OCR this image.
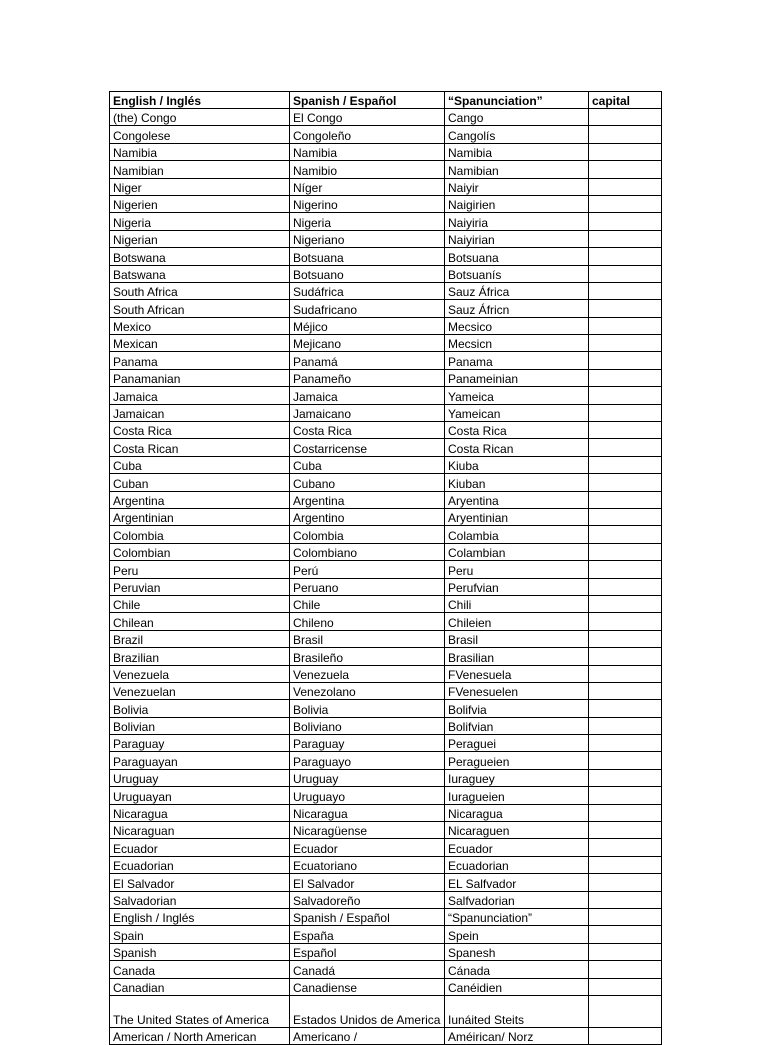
English / Inglés	Spanish / Español	“Spanunciation”	capital
(the) Congo	El Congo	Cango	
Congolese	Congoleño	Cangolís	
Namibia	Namibia	Namibia	
Namibian	Namibio	Namibian	
Niger	Níger	Naiyir	
Nigerien	Nigerino	Naigirien	
Nigeria	Nigeria	Naiyiria	
Nigerian	Nigeriano	Naiyirian	
Botswana	Botsuana	Botsuana	
Batswana	Botsuano	Botsuanís	
South Africa	Sudáfrica	Sauz África	
South African	Sudafricano	Sauz Áfricn	
Mexico	Méjico	Mecsico	
Mexican	Mejicano	Mecsicn	
Panama	Panamá	Panama	
Panamanian	Panameño	Panameinian	
Jamaica	Jamaica	Yameica	
Jamaican	Jamaicano	Yameican	
Costa Rica	Costa Rica	Costa Rica	
Costa Rican	Costarricense	Costa Rican	
Cuba	Cuba	Kiuba	
Cuban	Cubano	Kiuban	
Argentina	Argentina	Aryentina	
Argentinian	Argentino	Aryentinian	
Colombia	Colombia	Colambia	
Colombian	Colombiano	Colambian	
Peru	Perú	Peru	
Peruvian	Peruano	Perufvian	
Chile	Chile	Chili	
Chilean	Chileno	Chileien	
Brazil	Brasil	Brasil	
Brazilian	Brasileño	Brasilian	
Venezuela	Venezuela	FVenesuela	
Venezuelan	Venezolano	FVenesuelen	
Bolivia	Bolivia	Bolifvia	
Bolivian	Boliviano	Bolifvian	
Paraguay	Paraguay	Peraguei	
Paraguayan	Paraguayo	Peragueien	
Uruguay	Uruguay	Iuraguey	
Uruguayan	Uruguayo	Iuragueien	
Nicaragua	Nicaragua	Nicaragua	
Nicaraguan	Nicaragüense	Nicaraguen	
Ecuador	Ecuador	Ecuador	
Ecuadorian	Ecuatoriano	Ecuadorian	
El Salvador	El Salvador	EL Salfvador	
Salvadorian	Salvadoreño	Salfvadorian	
English / Inglés	Spanish / Español	“Spanunciation”	
Spain	España	Spein	
Spanish	Español	Spanesh	
Canada	Canadá	Cánada	
Canadian	Canadiense	Canéidien	
The United States of America	Estados Unidos de America	Iunáited Steits	
American / North American	Americano /	Améirican/ Norz	
